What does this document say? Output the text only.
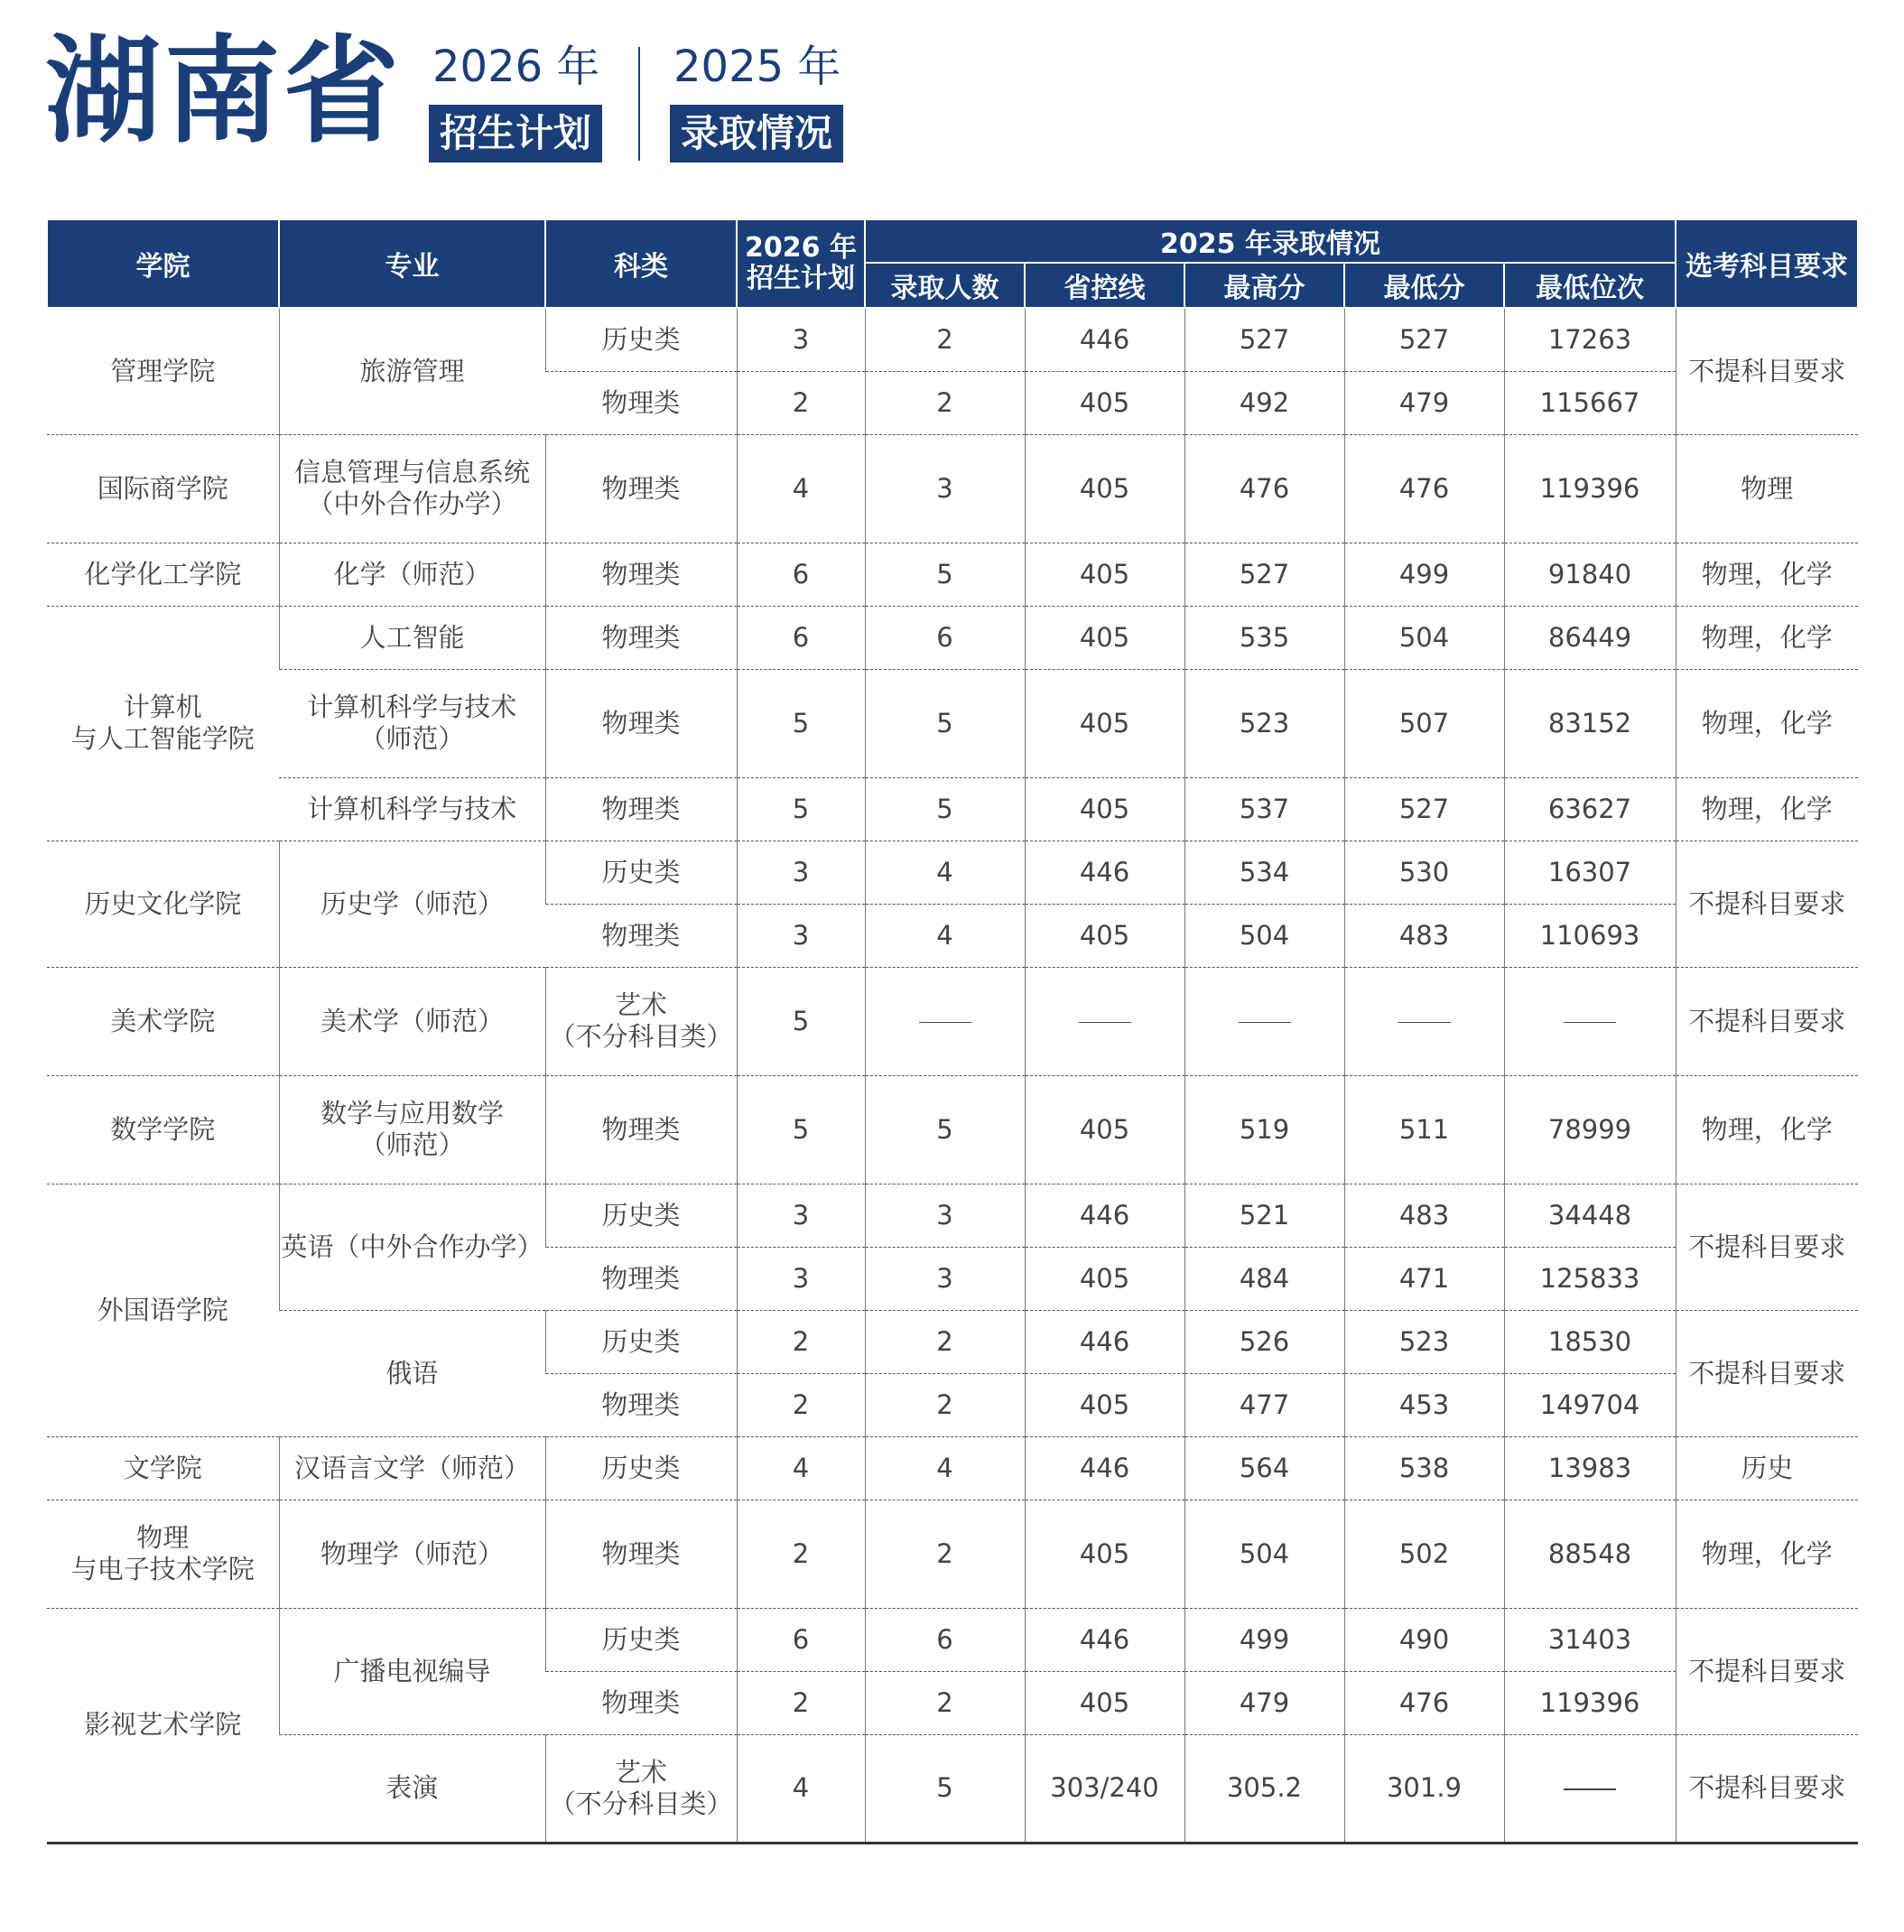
湖南省 2026 年
招生计划
2025 年
录取情况
学院	专业	科类	2026 年
招生计划	2025 年录取情况					选考科目要求
				录取人数	省控线	最高分	最低分	最低位次	
管理学院	旅游管理	历史类	3	2	446	527	527	17263	不提科目要求
		物理类	2	2	405	492	479	115667	
国际商学院	信息管理与信息系统
（中外合作办学）	物理类	4	3	405	476	476	119396	物理
化学化工学院	化学（师范）	物理类	6	5	405	527	499	91840	物理，化学
计算机
与人工智能学院	人工智能	物理类	6	6	405	535	504	86449	物理，化学
	计算机科学与技术
（师范）	物理类	5	5	405	523	507	83152	物理，化学
	计算机科学与技术	物理类	5	5	405	537	527	63627	物理，化学
历史文化学院	历史学（师范）	历史类	3	4	446	534	530	16307	不提科目要求
		物理类	3	4	405	504	483	110693	
美术学院	美术学（师范）	艺术
（不分科目类）	5						不提科目要求
数学学院	数学与应用数学
（师范）	物理类	5	5	405	519	511	78999	物理，化学
外国语学院	英语（中外合作办学）	历史类	3	3	446	521	483	34448	不提科目要求
		物理类	3	3	405	484	471	125833	
	俄语	历史类	2	2	446	526	523	18530	不提科目要求
		物理类	2	2	405	477	453	149704	
文学院	汉语言文学（师范）	历史类	4	4	446	564	538	13983	历史
物理
与电子技术学院	物理学（师范）	物理类	2	2	405	504	502	88548	物理，化学
影视艺术学院	广播电视编导	历史类	6	6	446	499	490	31403	不提科目要求
		物理类	2	2	405	479	476	119396	
	表演	艺术
（不分科目类）	4	5	303/240	305.2	301.9		不提科目要求
